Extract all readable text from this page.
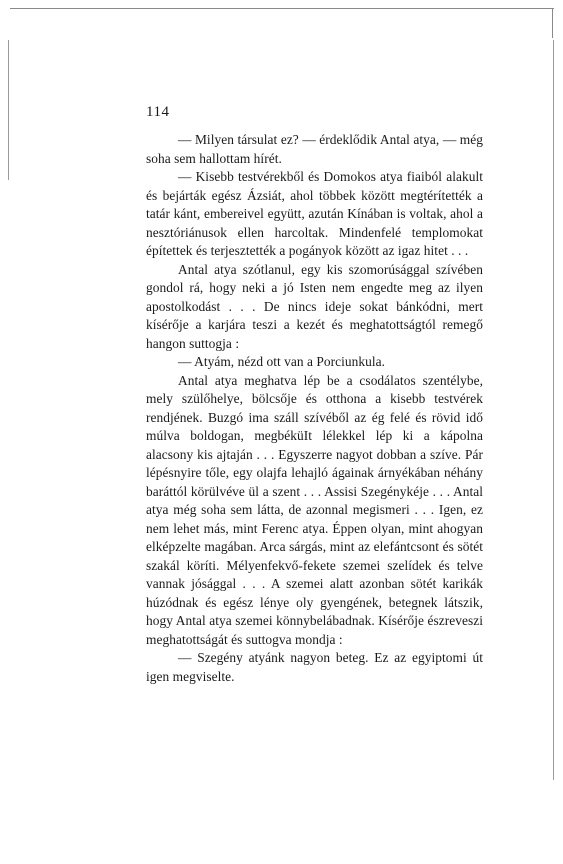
114

— Milyen társulat ez? — érdeklődik Antal atya, — még soha sem hallottam hírét.

— Kisebb testvérekből és Domokos atya fiaiból alakult és bejárták egész Ázsiát, ahol többek között megtérítették a tatár kánt, embereivel együtt, azután Kínában is voltak, ahol a nesztóriánusok ellen harcoltak. Mindenfelé templomokat építettek és terjesztették a pogányok között az igaz hitet . . .

Antal atya szótlanul, egy kis szomorúsággal szívében gondol rá, hogy neki a jó Isten nem engedte meg az ilyen apostolkodást . . . De nincs ideje sokat bánkódni, mert kísérője a karjára teszi a kezét és meghatottságtól remegő hangon suttogja :

— Atyám, nézd ott van a Porciunkula.

Antal atya meghatva lép be a csodálatos szentélybe, mely szülőhelye, bölcsője és otthona a kisebb testvérek rendjének. Buzgó ima száll szívéből az ég felé és rövid idő múlva boldogan, megbéküIt lélekkel lép ki a kápolna alacsony kis ajtaján . . . Egyszerre nagyot dobban a szíve. Pár lépésnyire tőle, egy olajfa lehajló ágainak árnyékában néhány baráttól körülvéve ül a szent . . . Assisi Szegénykéje . . . Antal atya még soha sem látta, de azonnal megismeri . . . Igen, ez nem lehet más, mint Ferenc atya. Éppen olyan, mint ahogyan elképzelte magában. Arca sárgás, mint az elefántcsont és sötét szakál köríti. Mélyenfekvő-fekete szemei szelídek és telve vannak jósággal . . . A szemei alatt azonban sötét karikák húzódnak és egész lénye oly gyengének, betegnek látszik, hogy Antal atya szemei könnybelábadnak. Kísérője észreveszi meghatottságát és suttogva mondja :

— Szegény atyánk nagyon beteg. Ez az egyiptomi út igen megviselte.
